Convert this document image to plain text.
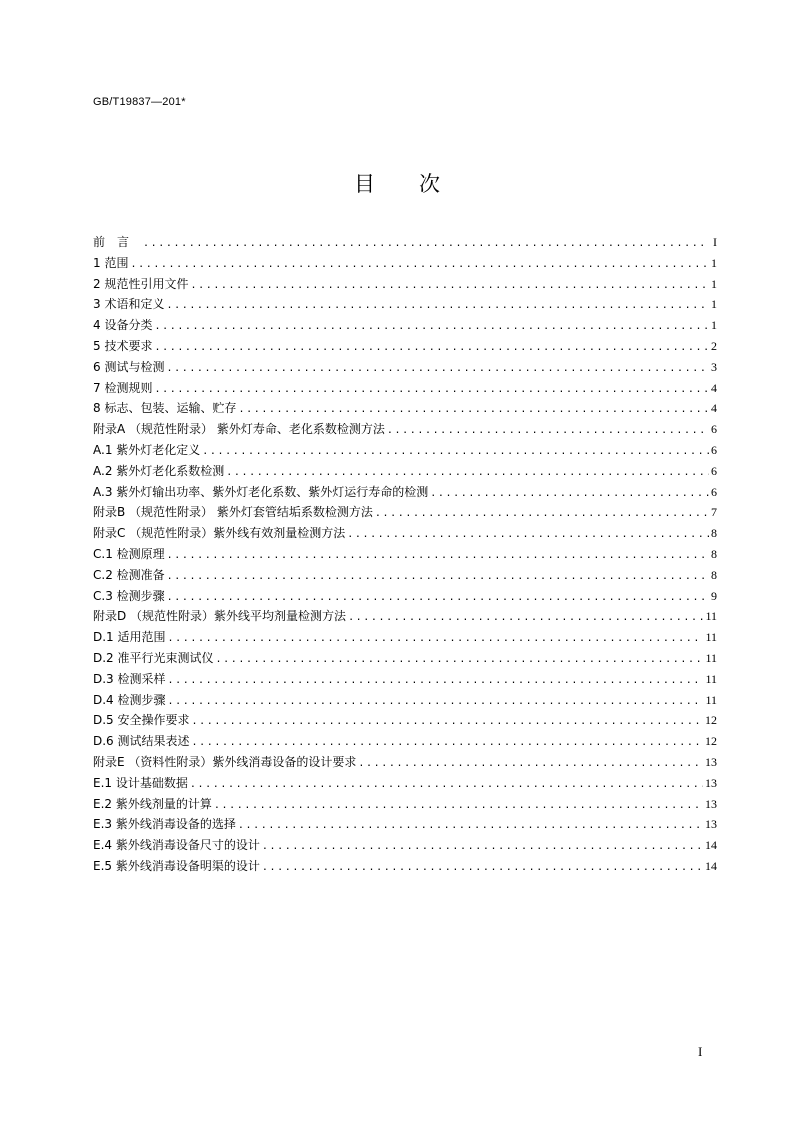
GB/T19837—201*
目次
前言 .....	I
1 范围 .....	1
2 规范性引用文件 .....	1
3 术语和定义 .....	1
4 设备分类 .....	1
5 技术要求 .....	2
6 测试与检测 .....	3
7 检测规则 .....	4
8 标志、包装、运输、贮存 .....	4
附录A （规范性附录） 紫外灯寿命、老化系数检测方法 .....	6
A.1 紫外灯老化定义 .....	6
A.2 紫外灯老化系数检测 .....	6
A.3 紫外灯输出功率、紫外灯老化系数、紫外灯运行寿命的检测 .....	6
附录B （规范性附录） 紫外灯套管结垢系数检测方法 .....	7
附录C （规范性附录）紫外线有效剂量检测方法 .....	8
C.1 检测原理 .....	8
C.2 检测准备 .....	8
C.3 检测步骤 .....	9
附录D （规范性附录）紫外线平均剂量检测方法 .....	11
D.1 适用范围 .....	11
D.2 准平行光束测试仪 .....	11
D.3 检测采样 .....	11
D.4 检测步骤 .....	11
D.5 安全操作要求 .....	12
D.6 测试结果表述 .....	12
附录E （资料性附录）紫外线消毒设备的设计要求 .....	13
E.1 设计基础数据 .....	13
E.2 紫外线剂量的计算 .....	13
E.3 紫外线消毒设备的选择 .....	13
E.4 紫外线消毒设备尺寸的设计 .....	14
E.5 紫外线消毒设备明渠的设计 .....	14
I
